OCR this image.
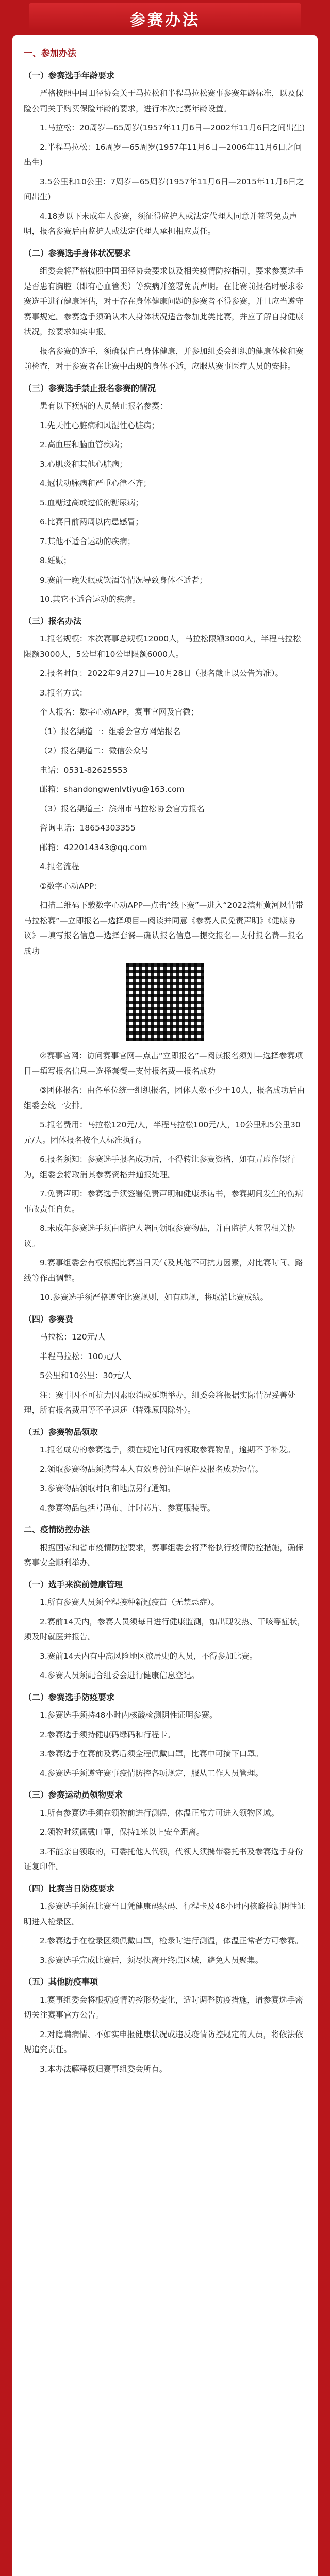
参赛办法
一、参加办法
（一）参赛选手年龄要求

严格按照中国田径协会关于马拉松和半程马拉松赛事参赛年龄标准，以及保险公司关于购买保险年龄的要求，进行本次比赛年龄设置。

1.马拉松：20周岁—65周岁(1957年11月6日—2002年11月6日之间出生)

2.半程马拉松：16周岁—65周岁(1957年11月6日—2006年11月6日之间出生)

3.5公里和10公里：7周岁—65周岁(1957年11月6日—2015年11月6日之间出生)

4.18岁以下未成年人参赛，须征得监护人或法定代理人同意并签署免责声明，报名参赛后由监护人或法定代理人承担相应责任。

（二）参赛选手身体状况要求

组委会将严格按照中国田径协会要求以及相关疫情防控指引，要求参赛选手是否患有胸腔（即有心血管类）等疾病并签署免责声明。在比赛前报名时要求参赛选手进行健康评估，对于存在身体健康问题的参赛者不得参赛，并且应当遵守赛事规定。参赛选手须确认本人身体状况适合参加此类比赛，并应了解自身健康状况，按要求如实申报。

报名参赛的选手，须确保自己身体健康，并参加组委会组织的健康体检和赛前检查，对于参赛者在比赛中出现的身体不适，应服从赛事医疗人员的安排。

（三）参赛选手禁止报名参赛的情况

患有以下疾病的人员禁止报名参赛：

1.先天性心脏病和风湿性心脏病；

2.高血压和脑血管疾病；

3.心肌炎和其他心脏病；

4.冠状动脉病和严重心律不齐；

5.血糖过高或过低的糖尿病；

6.比赛日前两周以内患感冒；

7.其他不适合运动的疾病；

8.妊娠；

9.赛前一晚失眠或饮酒等情况导致身体不适者；

10.其它不适合运动的疾病。

（三）报名办法

1.报名规模：本次赛事总规模12000人，马拉松限额3000人，半程马拉松限额3000人，5公里和10公里限额6000人。

2.报名时间：2022年9月27日—10月28日（报名截止以公告为准）。

3.报名方式：

个人报名：数字心动APP，赛事官网及官微；

（1）报名渠道一：组委会官方网站报名

（2）报名渠道二：微信公众号

电话：0531-82625553

邮箱：shandongwenlvtiyu@163.com

（3）报名渠道三：滨州市马拉松协会官方报名

咨询电话：18654303355

邮箱：422014343@qq.com

4.报名流程

①数字心动APP：

扫描二维码下载数字心动APP—点击“线下赛”—进入“2022滨州黄河风情带马拉松赛”—立即报名—选择项目—阅读并同意《参赛人员免责声明》《健康协议》—填写报名信息—选择套餐—确认报名信息—提交报名—支付报名费—报名成功

②赛事官网：访问赛事官网—点击“立即报名”—阅读报名须知—选择参赛项目—填写报名信息—选择套餐—支付报名费—报名成功

③团体报名：由各单位统一组织报名，团体人数不少于10人，报名成功后由组委会统一安排。

5.报名费用：马拉松120元/人，半程马拉松100元/人，10公里和5公里30元/人。团体报名按个人标准执行。

6.报名须知：参赛选手报名成功后，不得转让参赛资格，如有弄虚作假行为，组委会将取消其参赛资格并通报处理。

7.免责声明：参赛选手须签署免责声明和健康承诺书，参赛期间发生的伤病事故责任自负。

8.未成年参赛选手须由监护人陪同领取参赛物品，并由监护人签署相关协议。

9.赛事组委会有权根据比赛当日天气及其他不可抗力因素，对比赛时间、路线等作出调整。

10.参赛选手须严格遵守比赛规则，如有违规，将取消比赛成绩。

（四）参赛费

马拉松：120元/人

半程马拉松：100元/人

5公里和10公里：30元/人

注：赛事因不可抗力因素取消或延期举办，组委会将根据实际情况妥善处理，所有报名费用等不予退还（特殊原因除外）。

（五）参赛物品领取

1.报名成功的参赛选手，须在规定时间内领取参赛物品，逾期不予补发。

2.领取参赛物品须携带本人有效身份证件原件及报名成功短信。

3.参赛物品领取时间和地点另行通知。

4.参赛物品包括号码布、计时芯片、参赛服装等。

二、疫情防控办法

根据国家和省市疫情防控要求，赛事组委会将严格执行疫情防控措施，确保赛事安全顺利举办。

（一）选手来滨前健康管理

1.所有参赛人员须全程接种新冠疫苗（无禁忌症）。

2.赛前14天内，参赛人员须每日进行健康监测，如出现发热、干咳等症状，须及时就医并报告。

3.赛前14天内有中高风险地区旅居史的人员，不得参加比赛。

4.参赛人员须配合组委会进行健康信息登记。

（二）参赛选手防疫要求

1.参赛选手须持48小时内核酸检测阴性证明参赛。

2.参赛选手须持健康码绿码和行程卡。

3.参赛选手在赛前及赛后须全程佩戴口罩，比赛中可摘下口罩。

4.参赛选手须遵守赛事疫情防控各项规定，服从工作人员管理。

（三）参赛运动员领物要求

1.所有参赛选手须在领物前进行测温，体温正常方可进入领物区域。

2.领物时须佩戴口罩，保持1米以上安全距离。

3.不能亲自领取的，可委托他人代领，代领人须携带委托书及参赛选手身份证复印件。

（四）比赛当日防疫要求

1.参赛选手须在比赛当日凭健康码绿码、行程卡及48小时内核酸检测阴性证明进入检录区。

2.参赛选手在检录区须佩戴口罩，检录时进行测温，体温正常者方可参赛。

3.参赛选手完成比赛后，须尽快离开终点区域，避免人员聚集。

（五）其他防疫事项

1.赛事组委会将根据疫情防控形势变化，适时调整防疫措施，请参赛选手密切关注赛事官方公告。

2.对隐瞒病情、不如实申报健康状况或违反疫情防控规定的人员，将依法依规追究责任。

3.本办法解释权归赛事组委会所有。
